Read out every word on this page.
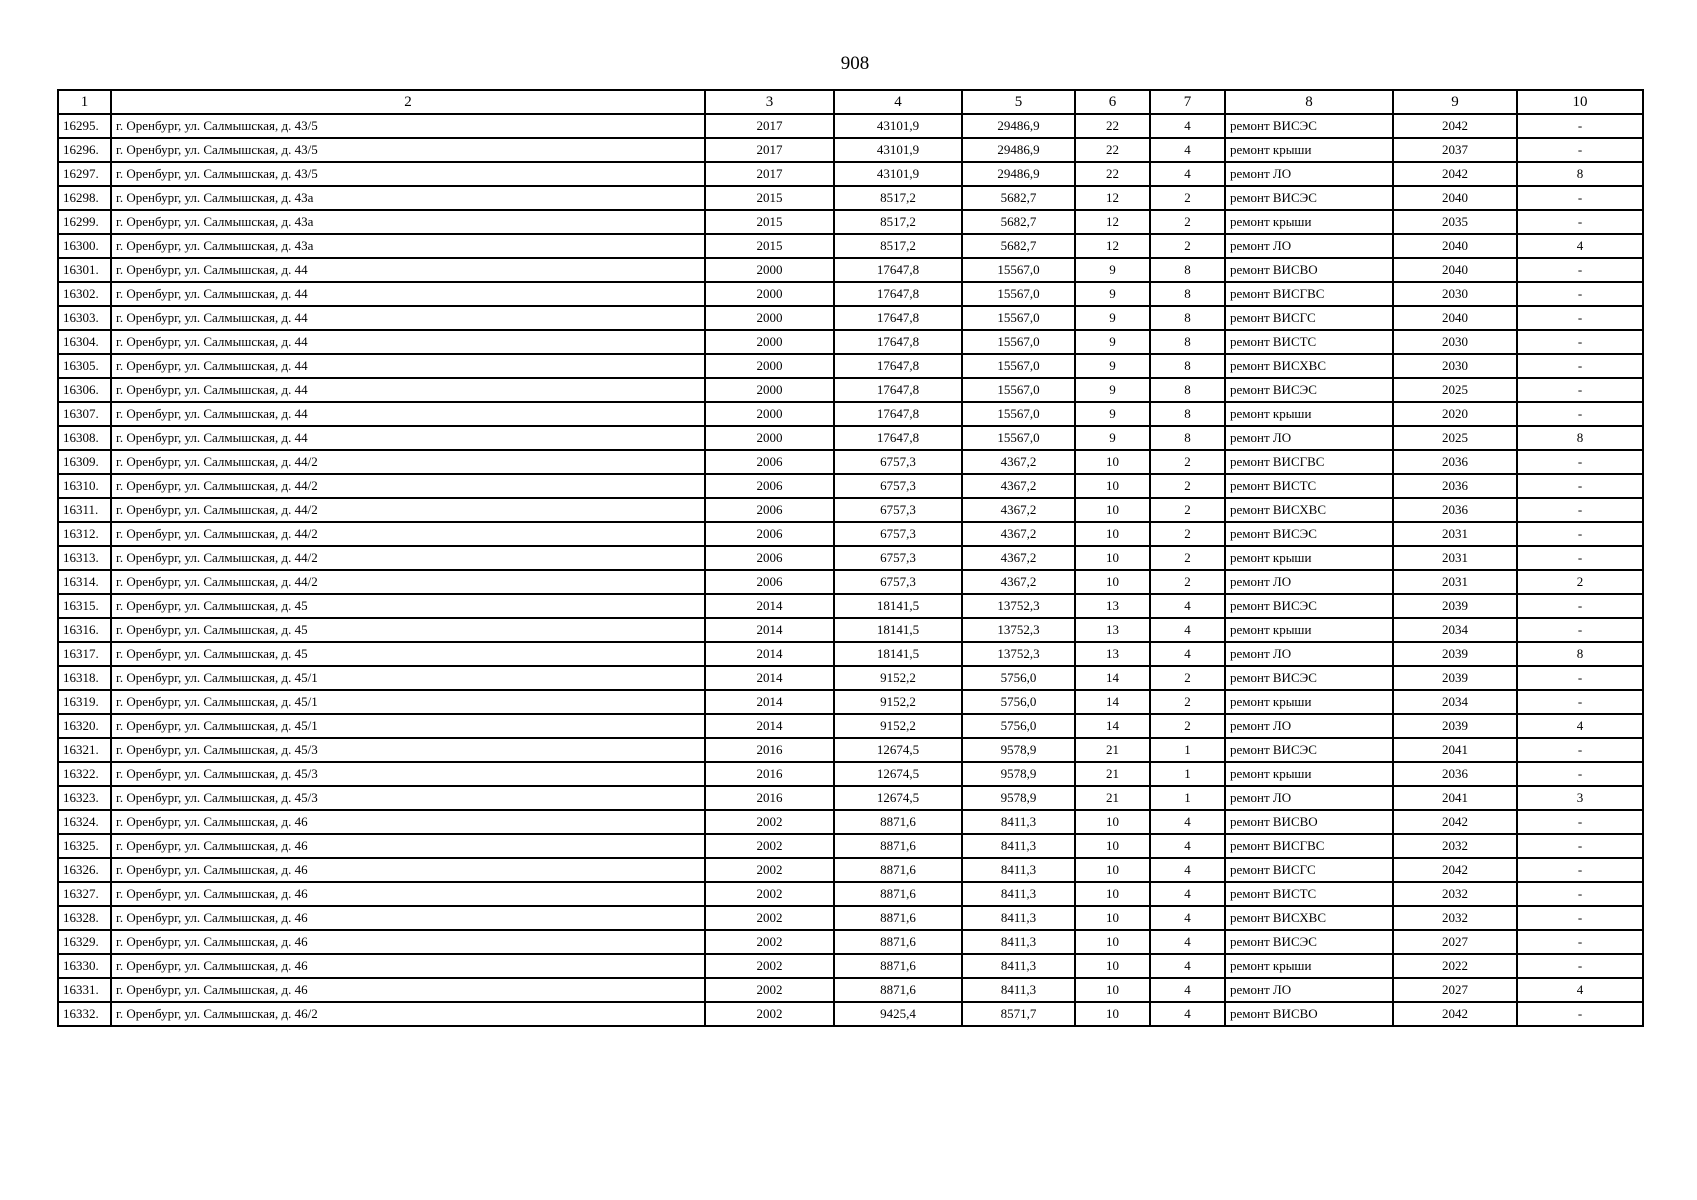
908
1	2	3	4	5	6	7	8	9	10
16295.	г. Оренбург, ул. Салмышская, д. 43/5	2017	43101,9	29486,9	22	4	ремонт ВИСЭС	2042	-
16296.	г. Оренбург, ул. Салмышская, д. 43/5	2017	43101,9	29486,9	22	4	ремонт крыши	2037	-
16297.	г. Оренбург, ул. Салмышская, д. 43/5	2017	43101,9	29486,9	22	4	ремонт ЛО	2042	8
16298.	г. Оренбург, ул. Салмышская, д. 43а	2015	8517,2	5682,7	12	2	ремонт ВИСЭС	2040	-
16299.	г. Оренбург, ул. Салмышская, д. 43а	2015	8517,2	5682,7	12	2	ремонт крыши	2035	-
16300.	г. Оренбург, ул. Салмышская, д. 43а	2015	8517,2	5682,7	12	2	ремонт ЛО	2040	4
16301.	г. Оренбург, ул. Салмышская, д. 44	2000	17647,8	15567,0	9	8	ремонт ВИСВО	2040	-
16302.	г. Оренбург, ул. Салмышская, д. 44	2000	17647,8	15567,0	9	8	ремонт ВИСГВС	2030	-
16303.	г. Оренбург, ул. Салмышская, д. 44	2000	17647,8	15567,0	9	8	ремонт ВИСГС	2040	-
16304.	г. Оренбург, ул. Салмышская, д. 44	2000	17647,8	15567,0	9	8	ремонт ВИСТС	2030	-
16305.	г. Оренбург, ул. Салмышская, д. 44	2000	17647,8	15567,0	9	8	ремонт ВИСХВС	2030	-
16306.	г. Оренбург, ул. Салмышская, д. 44	2000	17647,8	15567,0	9	8	ремонт ВИСЭС	2025	-
16307.	г. Оренбург, ул. Салмышская, д. 44	2000	17647,8	15567,0	9	8	ремонт крыши	2020	-
16308.	г. Оренбург, ул. Салмышская, д. 44	2000	17647,8	15567,0	9	8	ремонт ЛО	2025	8
16309.	г. Оренбург, ул. Салмышская, д. 44/2	2006	6757,3	4367,2	10	2	ремонт ВИСГВС	2036	-
16310.	г. Оренбург, ул. Салмышская, д. 44/2	2006	6757,3	4367,2	10	2	ремонт ВИСТС	2036	-
16311.	г. Оренбург, ул. Салмышская, д. 44/2	2006	6757,3	4367,2	10	2	ремонт ВИСХВС	2036	-
16312.	г. Оренбург, ул. Салмышская, д. 44/2	2006	6757,3	4367,2	10	2	ремонт ВИСЭС	2031	-
16313.	г. Оренбург, ул. Салмышская, д. 44/2	2006	6757,3	4367,2	10	2	ремонт крыши	2031	-
16314.	г. Оренбург, ул. Салмышская, д. 44/2	2006	6757,3	4367,2	10	2	ремонт ЛО	2031	2
16315.	г. Оренбург, ул. Салмышская, д. 45	2014	18141,5	13752,3	13	4	ремонт ВИСЭС	2039	-
16316.	г. Оренбург, ул. Салмышская, д. 45	2014	18141,5	13752,3	13	4	ремонт крыши	2034	-
16317.	г. Оренбург, ул. Салмышская, д. 45	2014	18141,5	13752,3	13	4	ремонт ЛО	2039	8
16318.	г. Оренбург, ул. Салмышская, д. 45/1	2014	9152,2	5756,0	14	2	ремонт ВИСЭС	2039	-
16319.	г. Оренбург, ул. Салмышская, д. 45/1	2014	9152,2	5756,0	14	2	ремонт крыши	2034	-
16320.	г. Оренбург, ул. Салмышская, д. 45/1	2014	9152,2	5756,0	14	2	ремонт ЛО	2039	4
16321.	г. Оренбург, ул. Салмышская, д. 45/3	2016	12674,5	9578,9	21	1	ремонт ВИСЭС	2041	-
16322.	г. Оренбург, ул. Салмышская, д. 45/3	2016	12674,5	9578,9	21	1	ремонт крыши	2036	-
16323.	г. Оренбург, ул. Салмышская, д. 45/3	2016	12674,5	9578,9	21	1	ремонт ЛО	2041	3
16324.	г. Оренбург, ул. Салмышская, д. 46	2002	8871,6	8411,3	10	4	ремонт ВИСВО	2042	-
16325.	г. Оренбург, ул. Салмышская, д. 46	2002	8871,6	8411,3	10	4	ремонт ВИСГВС	2032	-
16326.	г. Оренбург, ул. Салмышская, д. 46	2002	8871,6	8411,3	10	4	ремонт ВИСГС	2042	-
16327.	г. Оренбург, ул. Салмышская, д. 46	2002	8871,6	8411,3	10	4	ремонт ВИСТС	2032	-
16328.	г. Оренбург, ул. Салмышская, д. 46	2002	8871,6	8411,3	10	4	ремонт ВИСХВС	2032	-
16329.	г. Оренбург, ул. Салмышская, д. 46	2002	8871,6	8411,3	10	4	ремонт ВИСЭС	2027	-
16330.	г. Оренбург, ул. Салмышская, д. 46	2002	8871,6	8411,3	10	4	ремонт крыши	2022	-
16331.	г. Оренбург, ул. Салмышская, д. 46	2002	8871,6	8411,3	10	4	ремонт ЛО	2027	4
16332.	г. Оренбург, ул. Салмышская, д. 46/2	2002	9425,4	8571,7	10	4	ремонт ВИСВО	2042	-
